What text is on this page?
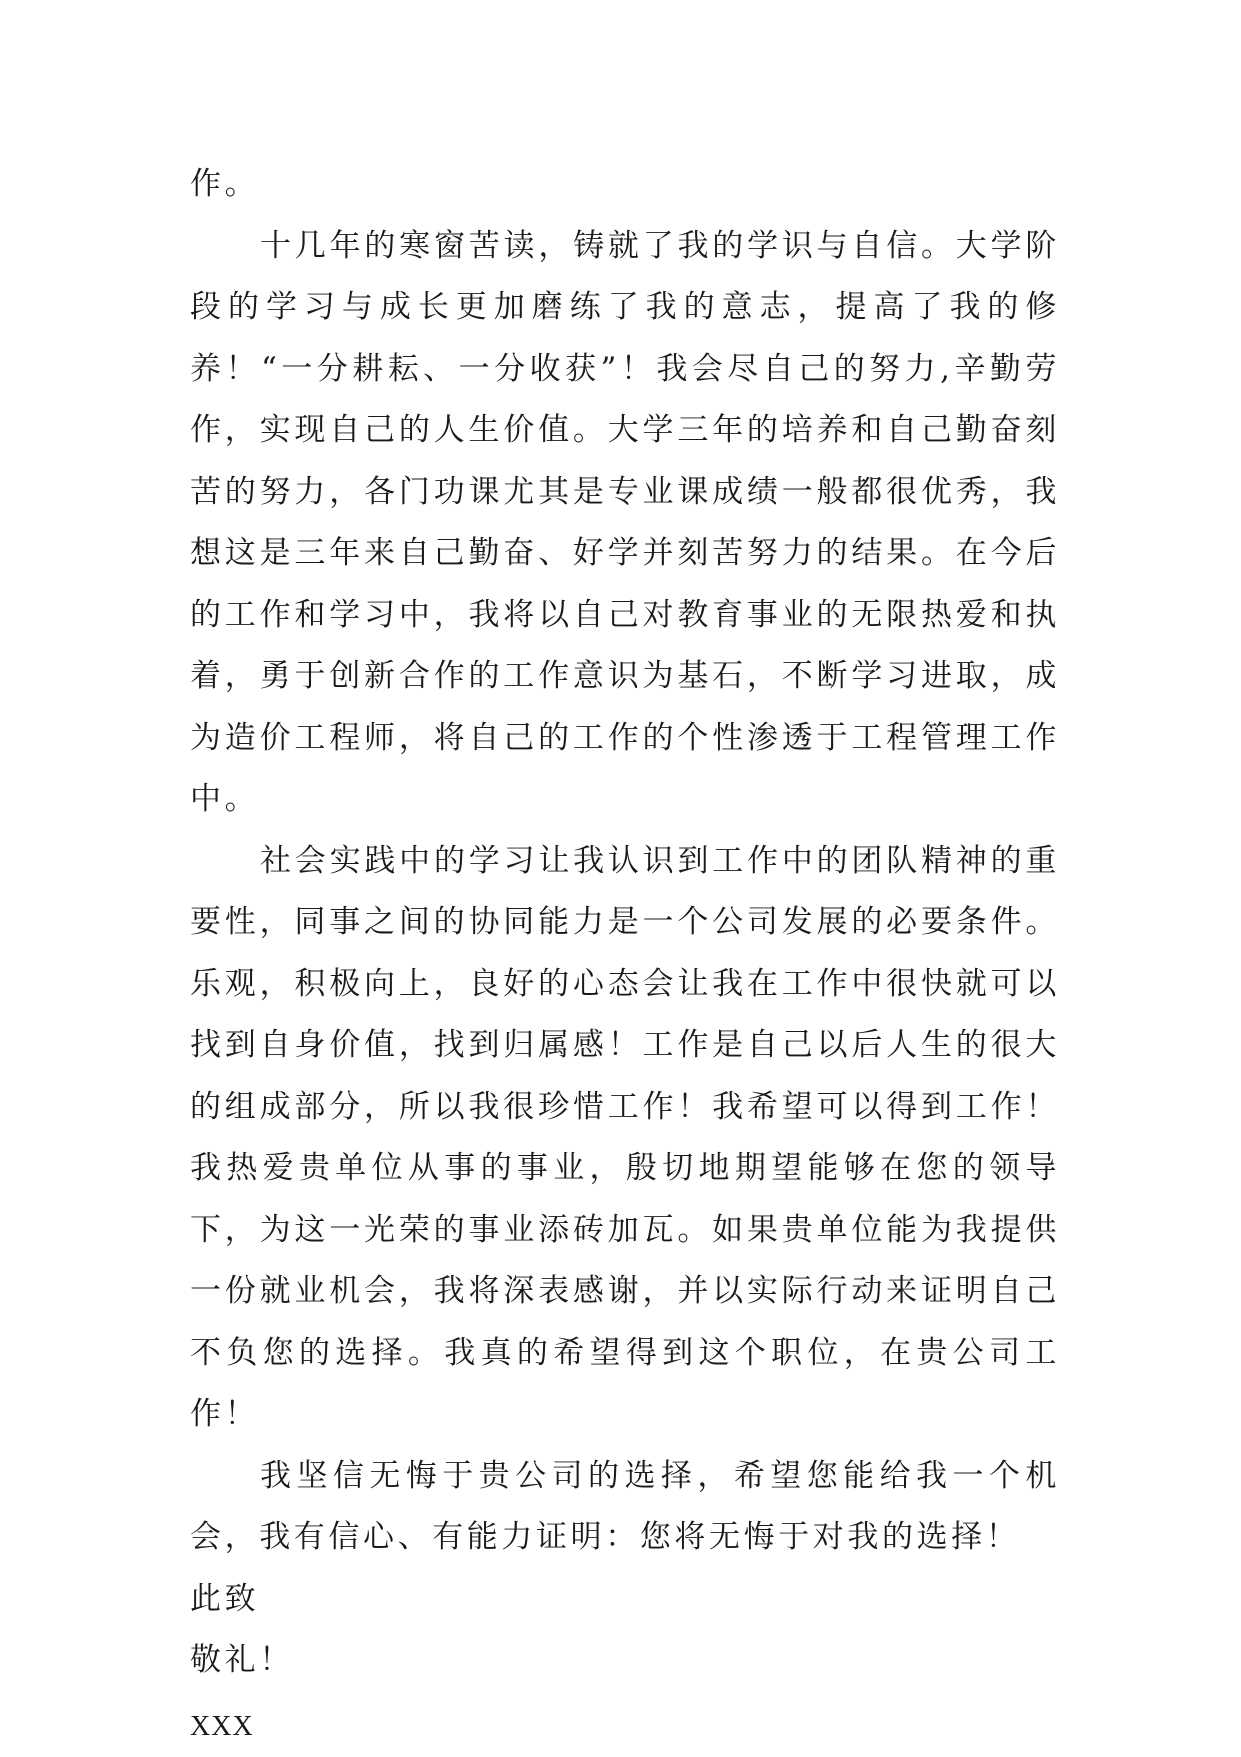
作。

十几年的寒窗苦读，铸就了我的学识与自信。大学阶段的学习与成长更加磨练了我的意志，提高了我的修养！“一分耕耘、一分收获”！我会尽自己的努力,辛勤劳作，实现自己的人生价值。大学三年的培养和自己勤奋刻苦的努力，各门功课尤其是专业课成绩一般都很优秀，我想这是三年来自己勤奋、好学并刻苦努力的结果。在今后的工作和学习中，我将以自己对教育事业的无限热爱和执着，勇于创新合作的工作意识为基石，不断学习进取，成为造价工程师，将自己的工作的个性渗透于工程管理工作中。

社会实践中的学习让我认识到工作中的团队精神的重要性，同事之间的协同能力是一个公司发展的必要条件。乐观，积极向上，良好的心态会让我在工作中很快就可以找到自身价值，找到归属感！工作是自己以后人生的很大的组成部分，所以我很珍惜工作！我希望可以得到工作！我热爱贵单位从事的事业，殷切地期望能够在您的领导下，为这一光荣的事业添砖加瓦。如果贵单位能为我提供一份就业机会，我将深表感谢，并以实际行动来证明自己不负您的选择。我真的希望得到这个职位，在贵公司工作！

我坚信无悔于贵公司的选择，希望您能给我一个机会，我有信心、有能力证明：您将无悔于对我的选择！

此致

敬礼！

XXX
